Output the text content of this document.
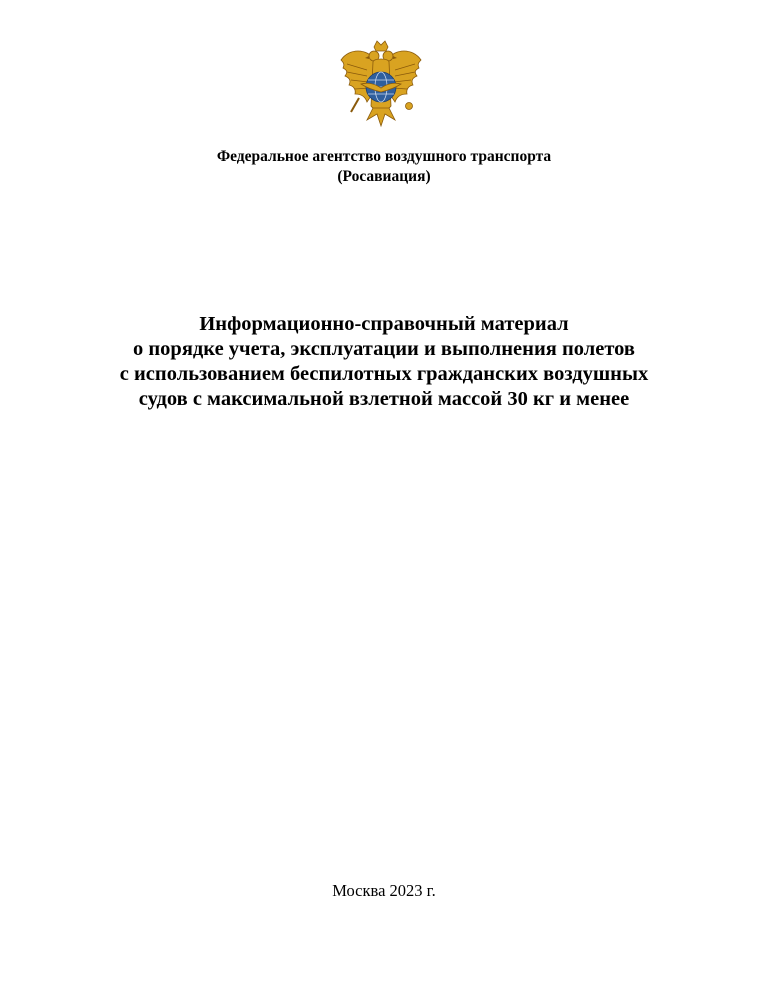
Федеральное агентство воздушного транспорта
(Росавиация)
Информационно-справочный материал
о порядке учета, эксплуатации и выполнения полетов
с использованием беспилотных гражданских воздушных
судов с максимальной взлетной массой 30 кг и менее
Москва 2023 г.
